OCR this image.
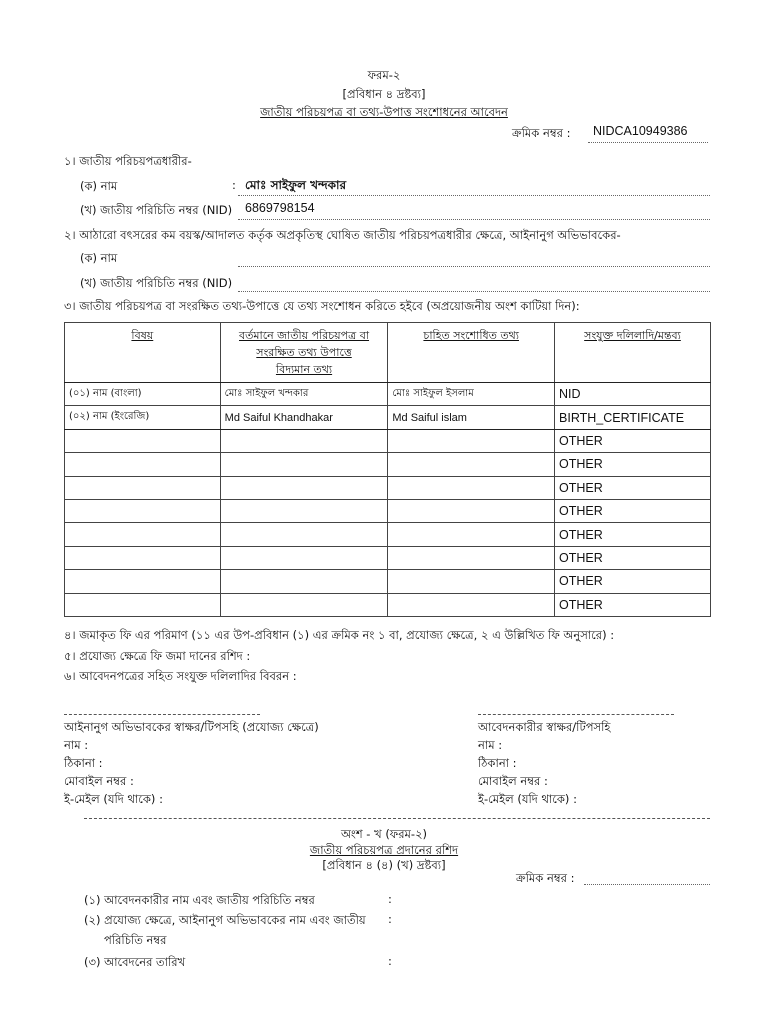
ফরম-২
[প্রবিধান ৪ দ্রষ্টব্য]
জাতীয় পরিচয়পত্র বা তথ্য-উপাত্ত সংশোধনের আবেদন
ক্রমিক নম্বর : NIDCA10949386
১। জাতীয় পরিচয়পত্রধারীর-
(ক) নাম	: মোঃ সাইফুল খন্দকার
(খ) জাতীয় পরিচিতি নম্বর (NID) 6869798154
২। আঠারো বৎসরের কম বয়স্ক/আদালত কর্তৃক অপ্রকৃতিস্থ ঘোষিত জাতীয় পরিচয়পত্রধারীর ক্ষেত্রে, আইনানুগ অভিভাবকের-
(ক) নাম
(খ) জাতীয় পরিচিতি নম্বর (NID)
৩। জাতীয় পরিচয়পত্র বা সংরক্ষিত তথ্য-উপাত্তে যে তথ্য সংশোধন করিতে হইবে (অপ্রয়োজনীয় অংশ কাটিয়া দিন):
বিষয়	বর্তমানে জাতীয় পরিচয়পত্র বা
সংরক্ষিত তথ্য উপাত্তে
বিদ্যমান তথ্য	চাহিত সংশোধিত তথ্য	সংযুক্ত দলিলাদি/মন্তব্য
(০১) নাম (বাংলা)	মোঃ সাইফুল খন্দকার	মোঃ সাইফুল ইসলাম	NID
(০২) নাম (ইংরেজি)	Md Saiful Khandhakar	Md Saiful islam	BIRTH_CERTIFICATE
			OTHER
			OTHER
			OTHER
			OTHER
			OTHER
			OTHER
			OTHER
			OTHER
৪। জমাকৃত ফি এর পরিমাণ (১১ এর উপ-প্রবিধান (১) এর ক্রমিক নং ১ বা, প্রযোজ্য ক্ষেত্রে, ২ এ উল্লিখিত ফি অনুসারে) :
৫। প্রযোজ্য ক্ষেত্রে ফি জমা দানের রশিদ :
৬। আবেদনপত্রের সহিত সংযুক্ত দলিলাদির বিবরন :
আইনানুগ অভিভাবকের স্বাক্ষর/টিপসহি (প্রযোজ্য ক্ষেত্রে)
নাম :
ঠিকানা :
মোবাইল নম্বর :
ই-মেইল (যদি থাকে) :
আবেদনকারীর স্বাক্ষর/টিপসহি
নাম :
ঠিকানা :
মোবাইল নম্বর :
ই-মেইল (যদি থাকে) :
অংশ - খ (ফরম-২)
জাতীয় পরিচয়পত্র প্রদানের রশিদ
[প্রবিধান ৪ (৪) (খ) দ্রষ্টব্য]
ক্রমিক নম্বর :
(১) আবেদনকারীর নাম এবং জাতীয় পরিচিতি নম্বর	:
(২) প্রযোজ্য ক্ষেত্রে, আইনানুগ অভিভাবকের নাম এবং জাতীয় :
পরিচিতি নম্বর
(৩) আবেদনের তারিখ	:
